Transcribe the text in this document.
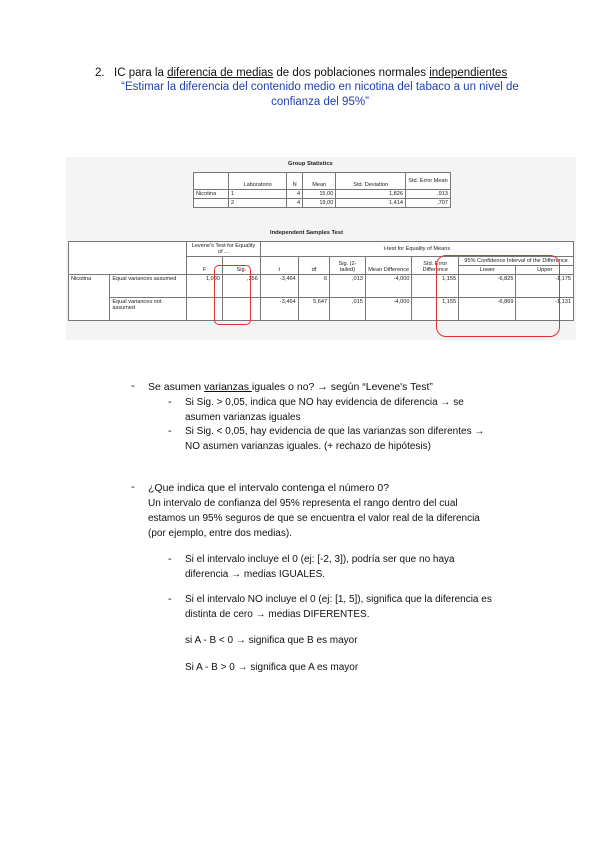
2. IC para la diferencia de medias de dos poblaciones normales independientes
“Estimar la diferencia del contenido medio en nicotina del tabaco a un nivel de
confianza del 95%”
Group Statistics
	Laboratorio	N	Mean	Std. Deviation	Std. Error Mean
Nicotina	1	4	15,00	1,826	,913
	2	4	19,00	1,414	,707
Independent Samples Test
		Levene's Test for Equality of ...		t-test for Equality of Means						
		F	Sig.	t	df	Sig. (2-tailed)	Mean Difference	Std. Error Difference	95% Confidence Interval of the Difference	
									Lower	Upper
Nicotina	Equal variances assumed	1,000	,356	-3,464	6	,013	-4,000	1,155	-6,825	-1,175
	Equal variances not assumed			-3,464	5,647	,015	-4,000	1,155	-6,869	-1,131
- Se asumen varianzas iguales o no? → según “Levene's Test”
- Si Sig. > 0,05, indica que NO hay evidencia de diferencia → se
asumen varianzas iguales
- Si Sig. < 0,05, hay evidencia de que las varianzas son diferentes →
NO asumen varianzas iguales. (+ rechazo de hipótesis)
- ¿Que indica que el intervalo contenga el número 0?
Un intervalo de confianza del 95% representa el rango dentro del cual
estamos un 95% seguros de que se encuentra el valor real de la diferencia
(por ejemplo, entre dos medias).
- Si el intervalo incluye el 0 (ej: [-2, 3]), podría ser que no haya
diferencia → medias IGUALES.
- Si el intervalo NO incluye el 0 (ej: [1, 5]), significa que la diferencia es
distinta de cero → medias DIFERENTES.
si A - B < 0 → significa que B es mayor
Si A - B > 0 → significa que A es mayor
